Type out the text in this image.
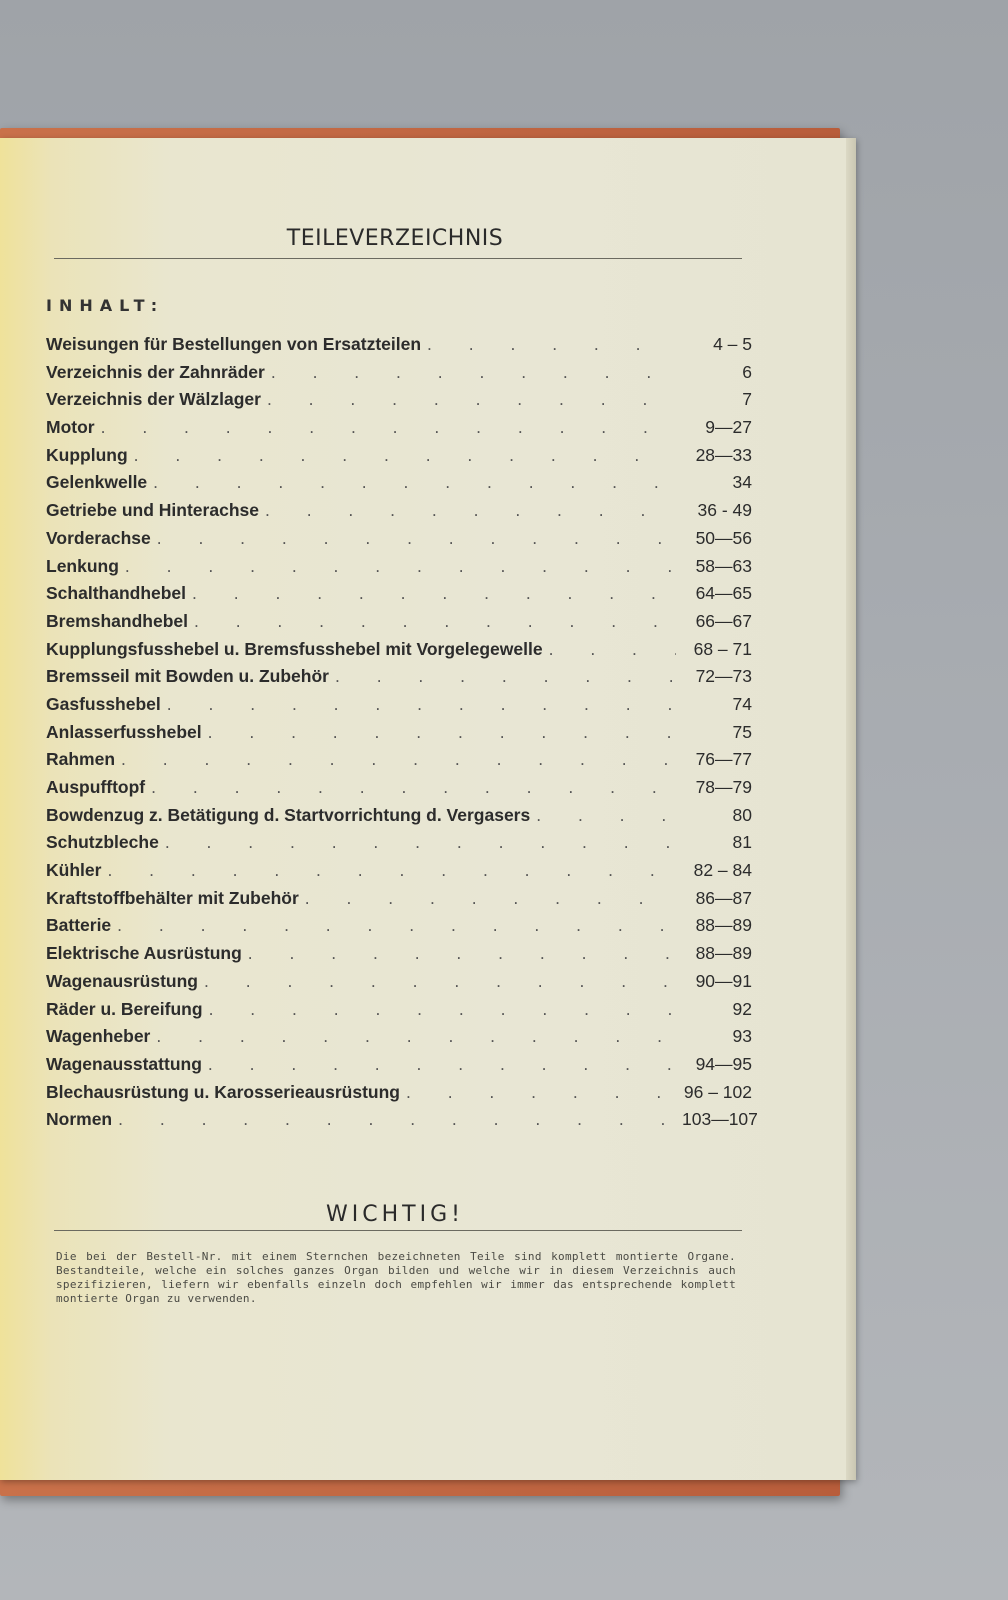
TEILEVERZEICHNIS
INHALT:
Weisungen für Bestellungen von Ersatzteilen . . .	4 – 5
Verzeichnis der Zahnräder . . .	6
Verzeichnis der Wälzlager . . .	7
Motor . . .	9—27
Kupplung . . .	28—33
Gelenkwelle . . .	34
Getriebe und Hinterachse . . .	36 - 49
Vorderachse . . .	50—56
Lenkung . . .	58—63
Schalthandhebel . . .	64—65
Bremshandhebel . . .	66—67
Kupplungsfusshebel u. Bremsfusshebel mit Vorgelegewelle . . .	68 – 71
Bremsseil mit Bowden u. Zubehör . . .	72—73
Gasfusshebel . . .	74
Anlasserfusshebel . . .	75
Rahmen . . .	76—77
Auspufftopf . . .	78—79
Bowdenzug z. Betätigung d. Startvorrichtung d. Vergasers . . .	80
Schutzbleche . . .	81
Kühler . . .	82 – 84
Kraftstoffbehälter mit Zubehör . . .	86—87
Batterie . . .	88—89
Elektrische Ausrüstung . . .	88—89
Wagenausrüstung . . .	90—91
Räder u. Bereifung . . .	92
Wagenheber . . .	93
Wagenausstattung . . .	94—95
Blechausrüstung u. Karosserieausrüstung . . .	96 – 102
Normen . . .	103—107
WICHTIG!
Die bei der Bestell-Nr. mit einem Sternchen bezeichneten Teile sind komplett montierte Organe. Bestandteile, welche ein solches ganzes Organ bilden und welche wir in diesem Verzeichnis auch spezifizieren, liefern wir ebenfalls einzeln doch empfehlen wir immer das entsprechende komplett montierte Organ zu verwenden.
